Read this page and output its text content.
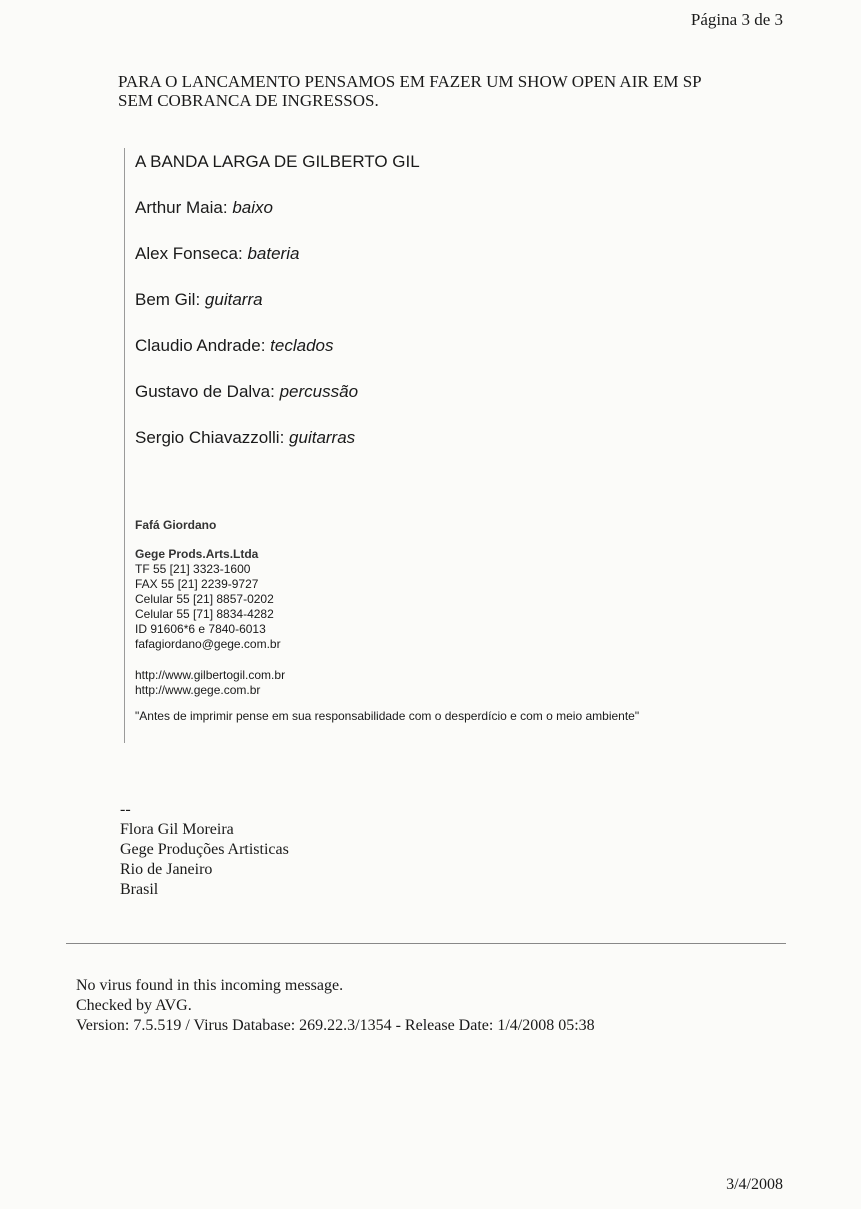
Página 3 de 3
PARA O LANCAMENTO PENSAMOS EM FAZER UM SHOW OPEN AIR EM SP
SEM COBRANCA DE INGRESSOS.
A BANDA LARGA DE GILBERTO GIL
Arthur Maia: baixo
Alex Fonseca: bateria
Bem Gil: guitarra
Claudio Andrade: teclados
Gustavo de Dalva: percussão
Sergio Chiavazzolli: guitarras
Fafá Giordano
Gege Prods.Arts.Ltda
TF 55 [21] 3323-1600
FAX 55 [21] 2239-9727
Celular 55 [21] 8857-0202
Celular 55 [71] 8834-4282
ID 91606*6 e 7840-6013
fafagiordano@gege.com.br
http://www.gilbertogil.com.br
http://www.gege.com.br
"Antes de imprimir pense em sua responsabilidade com o desperdício e com o meio ambiente"
--
Flora Gil Moreira
Gege Produções Artisticas
Rio de Janeiro
Brasil
No virus found in this incoming message.
Checked by AVG.
Version: 7.5.519 / Virus Database: 269.22.3/1354 - Release Date: 1/4/2008 05:38
3/4/2008
